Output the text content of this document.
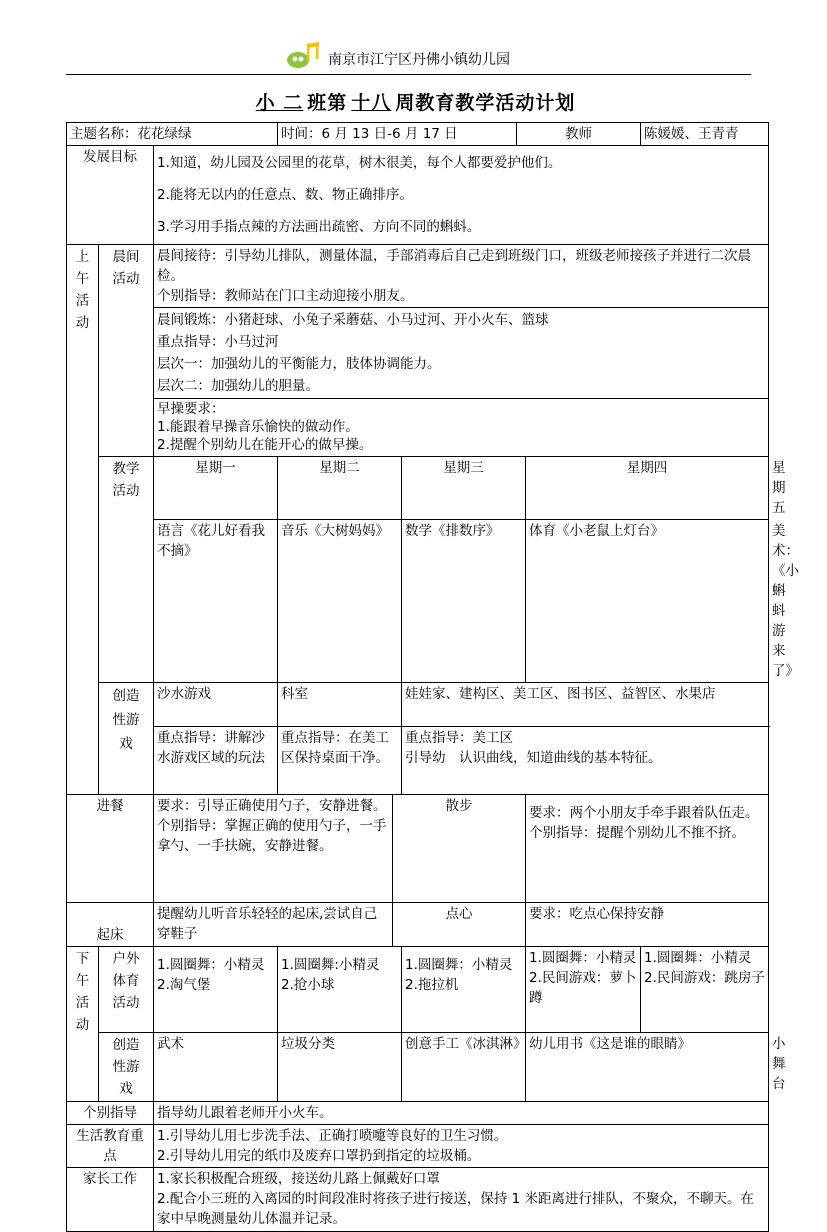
南京市江宁区丹佛小镇幼儿园
小 二 班第 十八 周教育教学活动计划
主题名称：花花绿绿			时间：6 月 13 日-6 月 17 日			教师		陈媛媛、王青青	
发展目标		1.知道，幼儿园及公园里的花草，树木很美，每个人都要爱护他们。
2.能将无以内的任意点、数、物正确排序。
3.学习用手指点辣的方法画出疏密、方向不同的蝌蚪。							

上午活动	晨间活动	晨间接待：引导幼儿排队，测量体温，手部消毒后自己走到班级门口，班级老师接孩子并进行二次晨检。
个别指导：教师站在门口主动迎接小朋友。							

		晨间锻炼：小猪赶球、小兔子采蘑菇、小马过河、开小火车、篮球
重点指导：小马过河
层次一：加强幼儿的平衡能力，肢体协调能力。
层次二：加强幼儿的胆量。							

		早操要求：
1.能跟着早操音乐愉快的做动作。
2.提醒个别幼儿在能开心的做早操。							

	教学活动	星期一	星期二		星期三		星期四		星期五
		语言《花儿好看我不摘》	音乐《大树妈妈》		数学《排数序》		体育《小老鼠上灯台》		美术：《小蝌蚪游来了》

	创造性游戏	沙水游戏	科室		娃娃家、建构区、美工区、图书区、益智区、水果店				
		重点指导：讲解沙水游戏区域的玩法	重点指导：在美工区保持桌面干净。		重点指导：美工区
引导幼　认识曲线，知道曲线的基本特征。				

进餐		要求：引导正确使用勺子，安静进餐。
个别指导：掌握正确的使用勺子，一手拿勺、一手扶碗，安静进餐。		散步			要求：两个小朋友手牵手跟着队伍走。
个别指导：提醒个别幼儿不推不挤。		

起床		提醒幼儿听音乐轻轻的起床,尝试自己穿鞋子		点心			要求：吃点心保持安静		

下午活动	户外体育活动	1.圆圈舞：小精灵
2.淘气堡	1.圆圈舞:小精灵
2.抢小球		1.圆圈舞：小精灵
2.拖拉机		1.圆圈舞：小精灵
2.民间游戏：萝卜蹲	1.圆圈舞：小精灵
2.民间游戏：跳房子	

	创造性游戏	武术	垃圾分类		创意手工《冰淇淋》		幼儿用书《这是谁的眼睛》		小舞台
个别指导		指导幼儿跟着老师开小火车。							
生活教育重　点		1.引导幼儿用七步洗手法、正确打喷嚏等良好的卫生习惯。
2.引导幼儿用完的纸巾及废弃口罩扔到指定的垃圾桶。							

家长工作		1.家长积极配合班级，接送幼儿路上佩戴好口罩
2.配合小三班的入离园的时间段准时将孩子进行接送，保持 1 米距离进行排队，不聚众，不聊天。在家中早晚测量幼儿体温并记录。							
